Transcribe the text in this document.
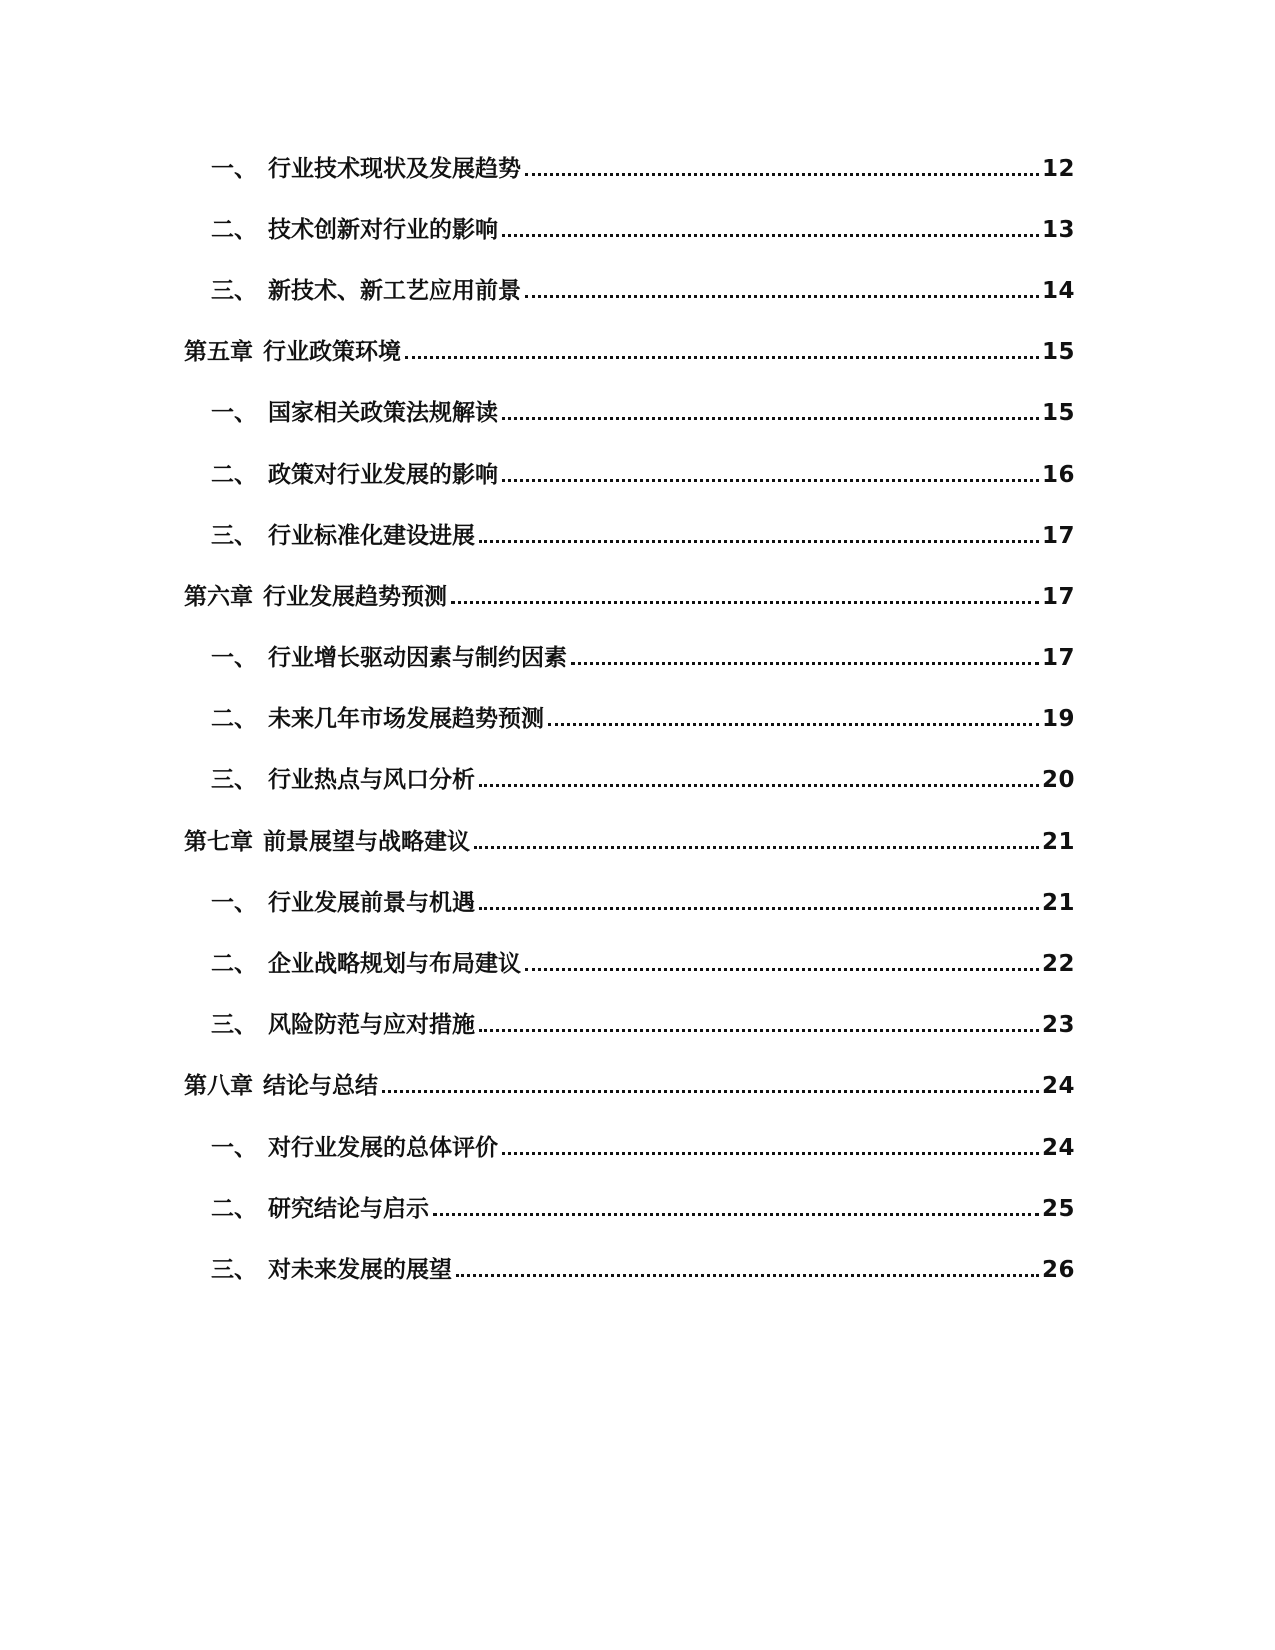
一、 行业技术现状及发展趋势	12
二、 技术创新对行业的影响	13
三、 新技术、新工艺应用前景	14
第五章 行业政策环境	15
一、 国家相关政策法规解读	15
二、 政策对行业发展的影响	16
三、 行业标准化建设进展	17
第六章 行业发展趋势预测	17
一、 行业增长驱动因素与制约因素	17
二、 未来几年市场发展趋势预测	19
三、 行业热点与风口分析	20
第七章 前景展望与战略建议	21
一、 行业发展前景与机遇	21
二、 企业战略规划与布局建议	22
三、 风险防范与应对措施	23
第八章 结论与总结	24
一、 对行业发展的总体评价	24
二、 研究结论与启示	25
三、 对未来发展的展望	26
